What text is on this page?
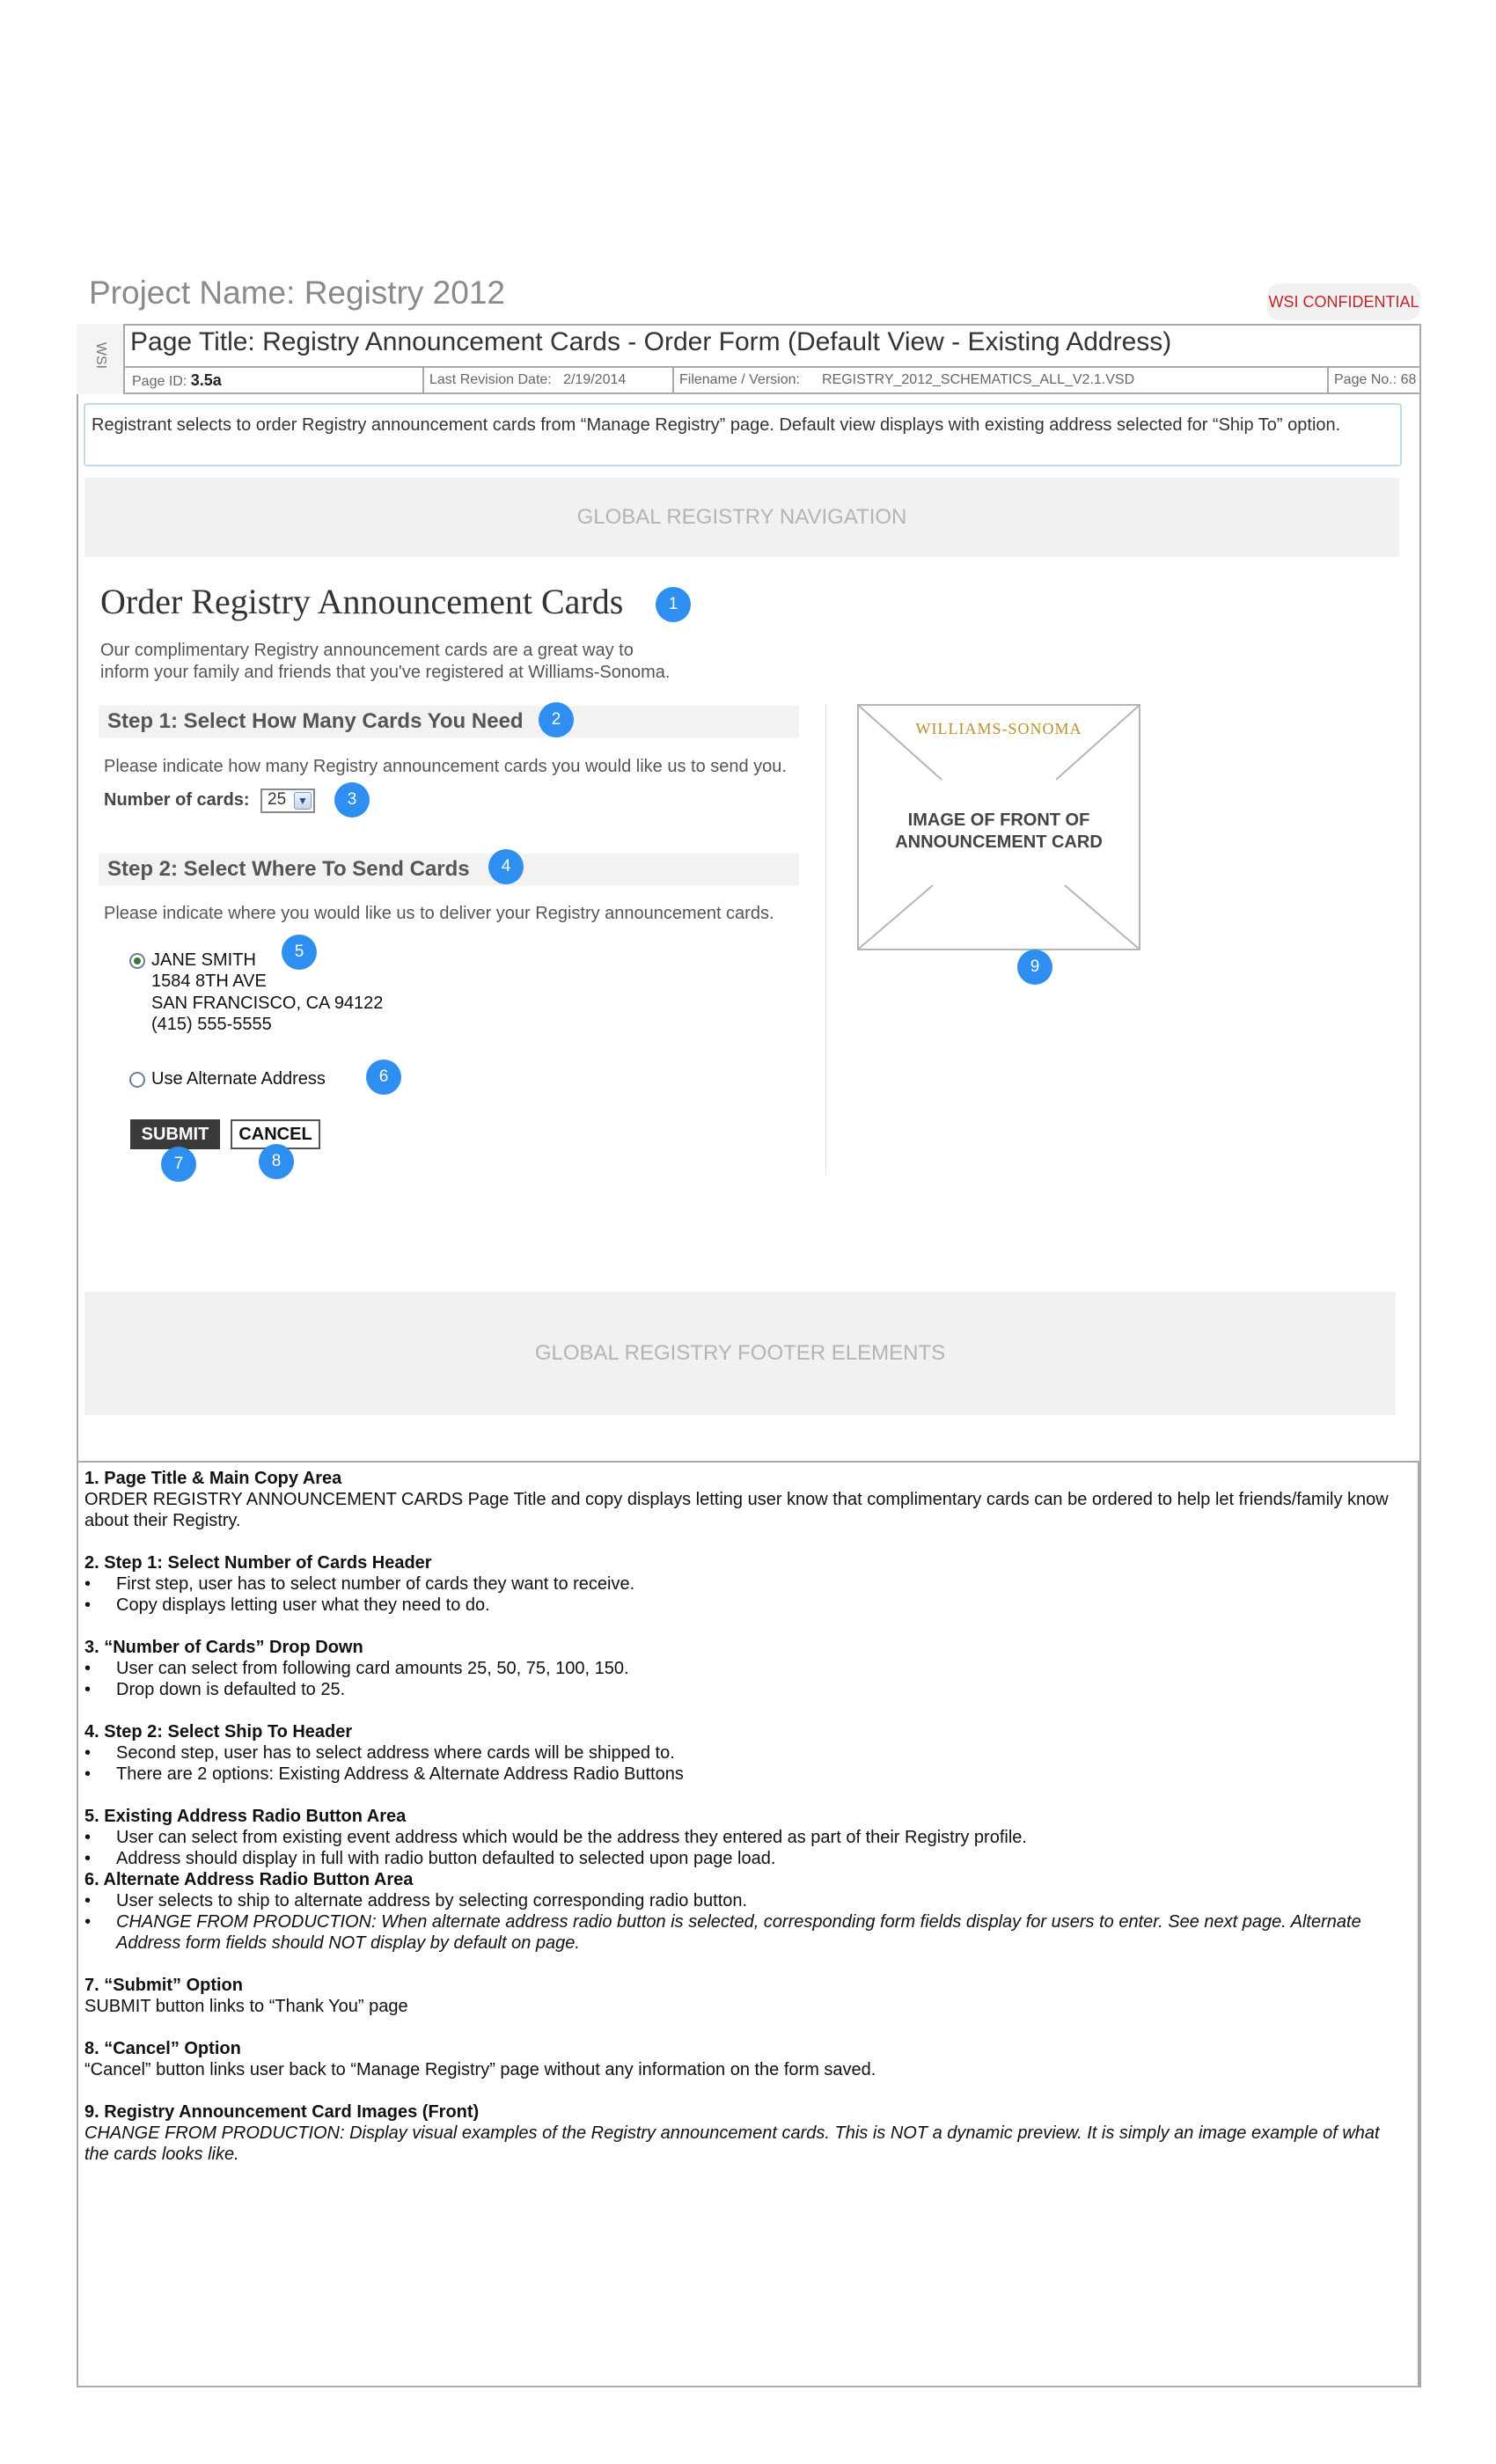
Project Name: Registry 2012	WSI CONFIDENTIAL
WSI Page Title: Registry Announcement Cards - Order Form (Default View - Existing Address)
Page ID: 3.5a	Last Revision Date: 2/19/2014	Filename / Version: REGISTRY_2012_SCHEMATICS_ALL_V2.1.VSD	Page No.: 68
Registrant selects to order Registry announcement cards from “Manage Registry” page. Default view displays with existing address selected for “Ship To” option.
GLOBAL REGISTRY NAVIGATION
Order Registry Announcement Cards	1
Our complimentary Registry announcement cards are a great way to
inform your family and friends that you've registered at Williams-Sonoma.
Step 1: Select How Many Cards You Need	2
Please indicate how many Registry announcement cards you would like us to send you.
Number of cards: 25	▼	3
Step 2: Select Where To Send Cards	4
Please indicate where you would like us to deliver your Registry announcement cards.
JANE SMITH
1584 8TH AVE
SAN FRANCISCO, CA 94122
(415) 555-5555
5
Use Alternate Address	6
SUBMIT	CANCEL
7	8
WILLIAMS-SONOMA
IMAGE OF FRONT OF
ANNOUNCEMENT CARD
9
GLOBAL REGISTRY FOOTER ELEMENTS
1. Page Title & Main Copy Area
ORDER REGISTRY ANNOUNCEMENT CARDS Page Title and copy displays letting user know that complimentary cards can be ordered to help let friends/family know about their Registry.
2. Step 1: Select Number of Cards Header
• First step, user has to select number of cards they want to receive.
• Copy displays letting user what they need to do.
3. “Number of Cards” Drop Down
• User can select from following card amounts 25, 50, 75, 100, 150.
• Drop down is defaulted to 25.
4. Step 2: Select Ship To Header
• Second step, user has to select address where cards will be shipped to.
• There are 2 options: Existing Address & Alternate Address Radio Buttons
5. Existing Address Radio Button Area
• User can select from existing event address which would be the address they entered as part of their Registry profile.
• Address should display in full with radio button defaulted to selected upon page load.
6. Alternate Address Radio Button Area
• User selects to ship to alternate address by selecting corresponding radio button.
• CHANGE FROM PRODUCTION: When alternate address radio button is selected, corresponding form fields display for users to enter. See next page. Alternate Address form fields should NOT display by default on page.
7. “Submit” Option
SUBMIT button links to “Thank You” page
8. “Cancel” Option
“Cancel” button links user back to “Manage Registry” page without any information on the form saved.
9. Registry Announcement Card Images (Front)
CHANGE FROM PRODUCTION: Display visual examples of the Registry announcement cards. This is NOT a dynamic preview. It is simply an image example of what the cards looks like.
